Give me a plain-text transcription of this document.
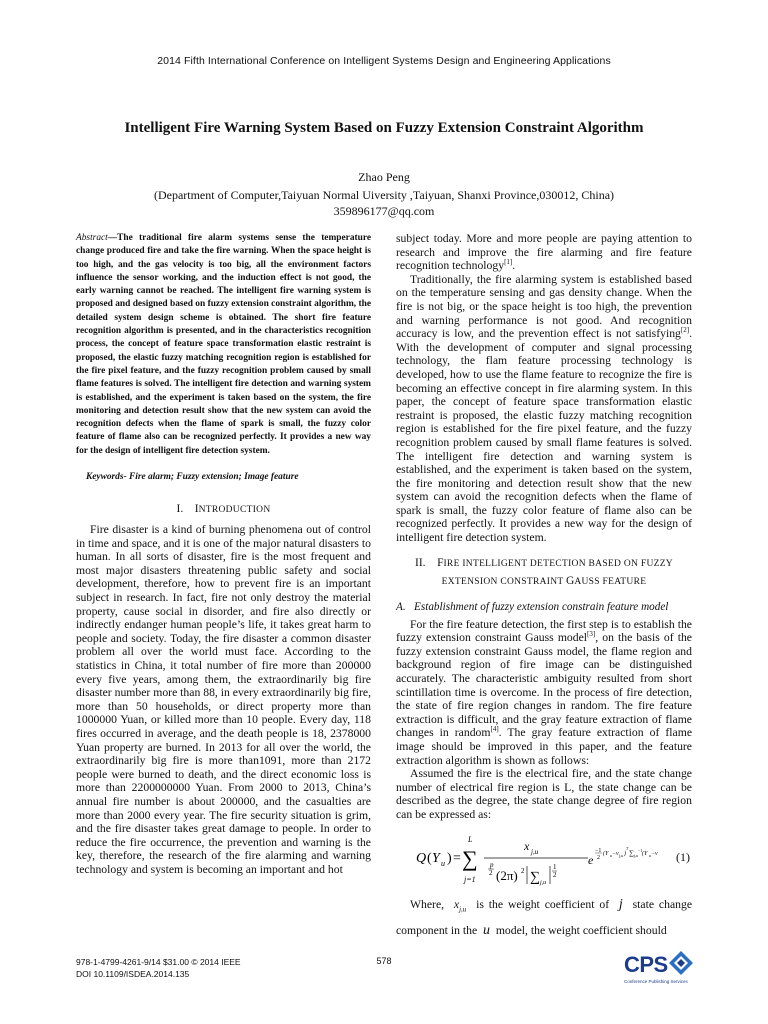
2014 Fifth International Conference on Intelligent Systems Design and Engineering Applications
Intelligent Fire Warning System Based on Fuzzy Extension Constraint Algorithm
Zhao Peng
(Department of Computer,Taiyuan Normal Uiversity ,Taiyuan, Shanxi Province,030012, China)
359896177@qq.com

Abstract—The traditional fire alarm systems sense the temperature change produced fire and take the fire warning. When the space height is too high, and the gas velocity is too big, all the environment factors influence the sensor working, and the induction effect is not good, the early warning cannot be reached. The intelligent fire warning system is proposed and designed based on fuzzy extension constraint algorithm, the detailed system design scheme is obtained. The short fire feature recognition algorithm is presented, and in the characteristics recognition process, the concept of feature space transformation elastic restraint is proposed, the elastic fuzzy matching recognition region is established for the fire pixel feature, and the fuzzy recognition problem caused by small flame features is solved. The intelligent fire detection and warning system is established, and the experiment is taken based on the system, the fire monitoring and detection result show that the new system can avoid the recognition defects when the flame of spark is small, the fuzzy color feature of flame also can be recognized perfectly. It provides a new way for the design of intelligent fire detection system.

Keywords- Fire alarm; Fuzzy extension; Image feature

I. INTRODUCTION

Fire disaster is a kind of burning phenomena out of control in time and space, and it is one of the major natural disasters to human. In all sorts of disaster, fire is the most frequent and most major disasters threatening public safety and social development, therefore, how to prevent fire is an important subject in research. In fact, fire not only destroy the material property, cause social in disorder, and fire also directly or indirectly endanger human people’s life, it takes great harm to people and society. Today, the fire disaster a common disaster problem all over the world must face. According to the statistics in China, it total number of fire more than 200000 every five years, among them, the extraordinarily big fire disaster number more than 88, in every extraordinarily big fire, more than 50 households, or direct property more than 1000000 Yuan, or killed more than 10 people. Every day, 118 fires occurred in average, and the death people is 18, 2378000 Yuan property are burned. In 2013 for all over the world, the extraordinarily big fire is more than1091, more than 2172 people were burned to death, and the direct economic loss is more than 2200000000 Yuan. From 2000 to 2013, China’s annual fire number is about 200000, and the casualties are more than 2000 every year. The fire security situation is grim, and the fire disaster takes great damage to people. In order to reduce the fire occurrence, the prevention and warning is the key, therefore, the research of the fire alarming and warning technology and system is becoming an important and hot

subject today. More and more people are paying attention to research and improve the fire alarming and fire feature recognition technology[1].

Traditionally, the fire alarming system is established based on the temperature sensing and gas density change. When the fire is not big, or the space height is too high, the prevention and warning performance is not good. And recognition accuracy is low, and the prevention effect is not satisfying[2]. With the development of computer and signal processing technology, the flam feature processing technology is developed, how to use the flame feature to recognize the fire is becoming an effective concept in fire alarming system. In this paper, the concept of feature space transformation elastic restraint is proposed, the elastic fuzzy matching recognition region is established for the fire pixel feature, and the fuzzy recognition problem caused by small flame features is solved. The intelligent fire detection and warning system is established, and the experiment is taken based on the system, the fire monitoring and detection result show that the new system can avoid the recognition defects when the flame of spark is small, the fuzzy color feature of flame also can be recognized perfectly. It provides a new way for the design of intelligent fire detection system.

II. FIRE INTELLIGENT DETECTION BASED ON FUZZY
EXTENSION CONSTRAINT GAUSS FEATURE
A. Establishment of fuzzy extension constrain feature model

For the fire feature detection, the first step is to establish the fuzzy extension constraint Gauss model[3], on the basis of the fuzzy extension constraint Gauss model, the flame region and background region of fire image can be distinguished accurately. The characteristic ambiguity resulted from short scintillation time is overcome. In the process of fire detection, the state of fire region changes in random. The fire feature extraction is difficult, and the gray feature extraction of flame changes in random[4]. The gray feature extraction of flame image should be improved in this paper, and the feature extraction algorithm is shown as follows:

Assumed the fire is the electrical fire, and the state change number of electrical fire region is L, the state change can be described as the degree, the state change degree of fire region can be expressed as:

Q ( Y u ) = ∑
L
j=1
x j,u
p
2 (2π) 2 ∑ j,u
1
2
e
−1
2
(Y u −ν j,u )
T
∑ j,u
−1
(Y u −ν (1)

Where, $x_{j,u}$ is the weight coefficient of j state change component in the u model, the weight coefficient should

978-1-4799-4261-9/14 $31.00 © 2014 IEEE
DOI 10.1109/ISDEA.2014.135
578	CPS
Conference Publishing Services
